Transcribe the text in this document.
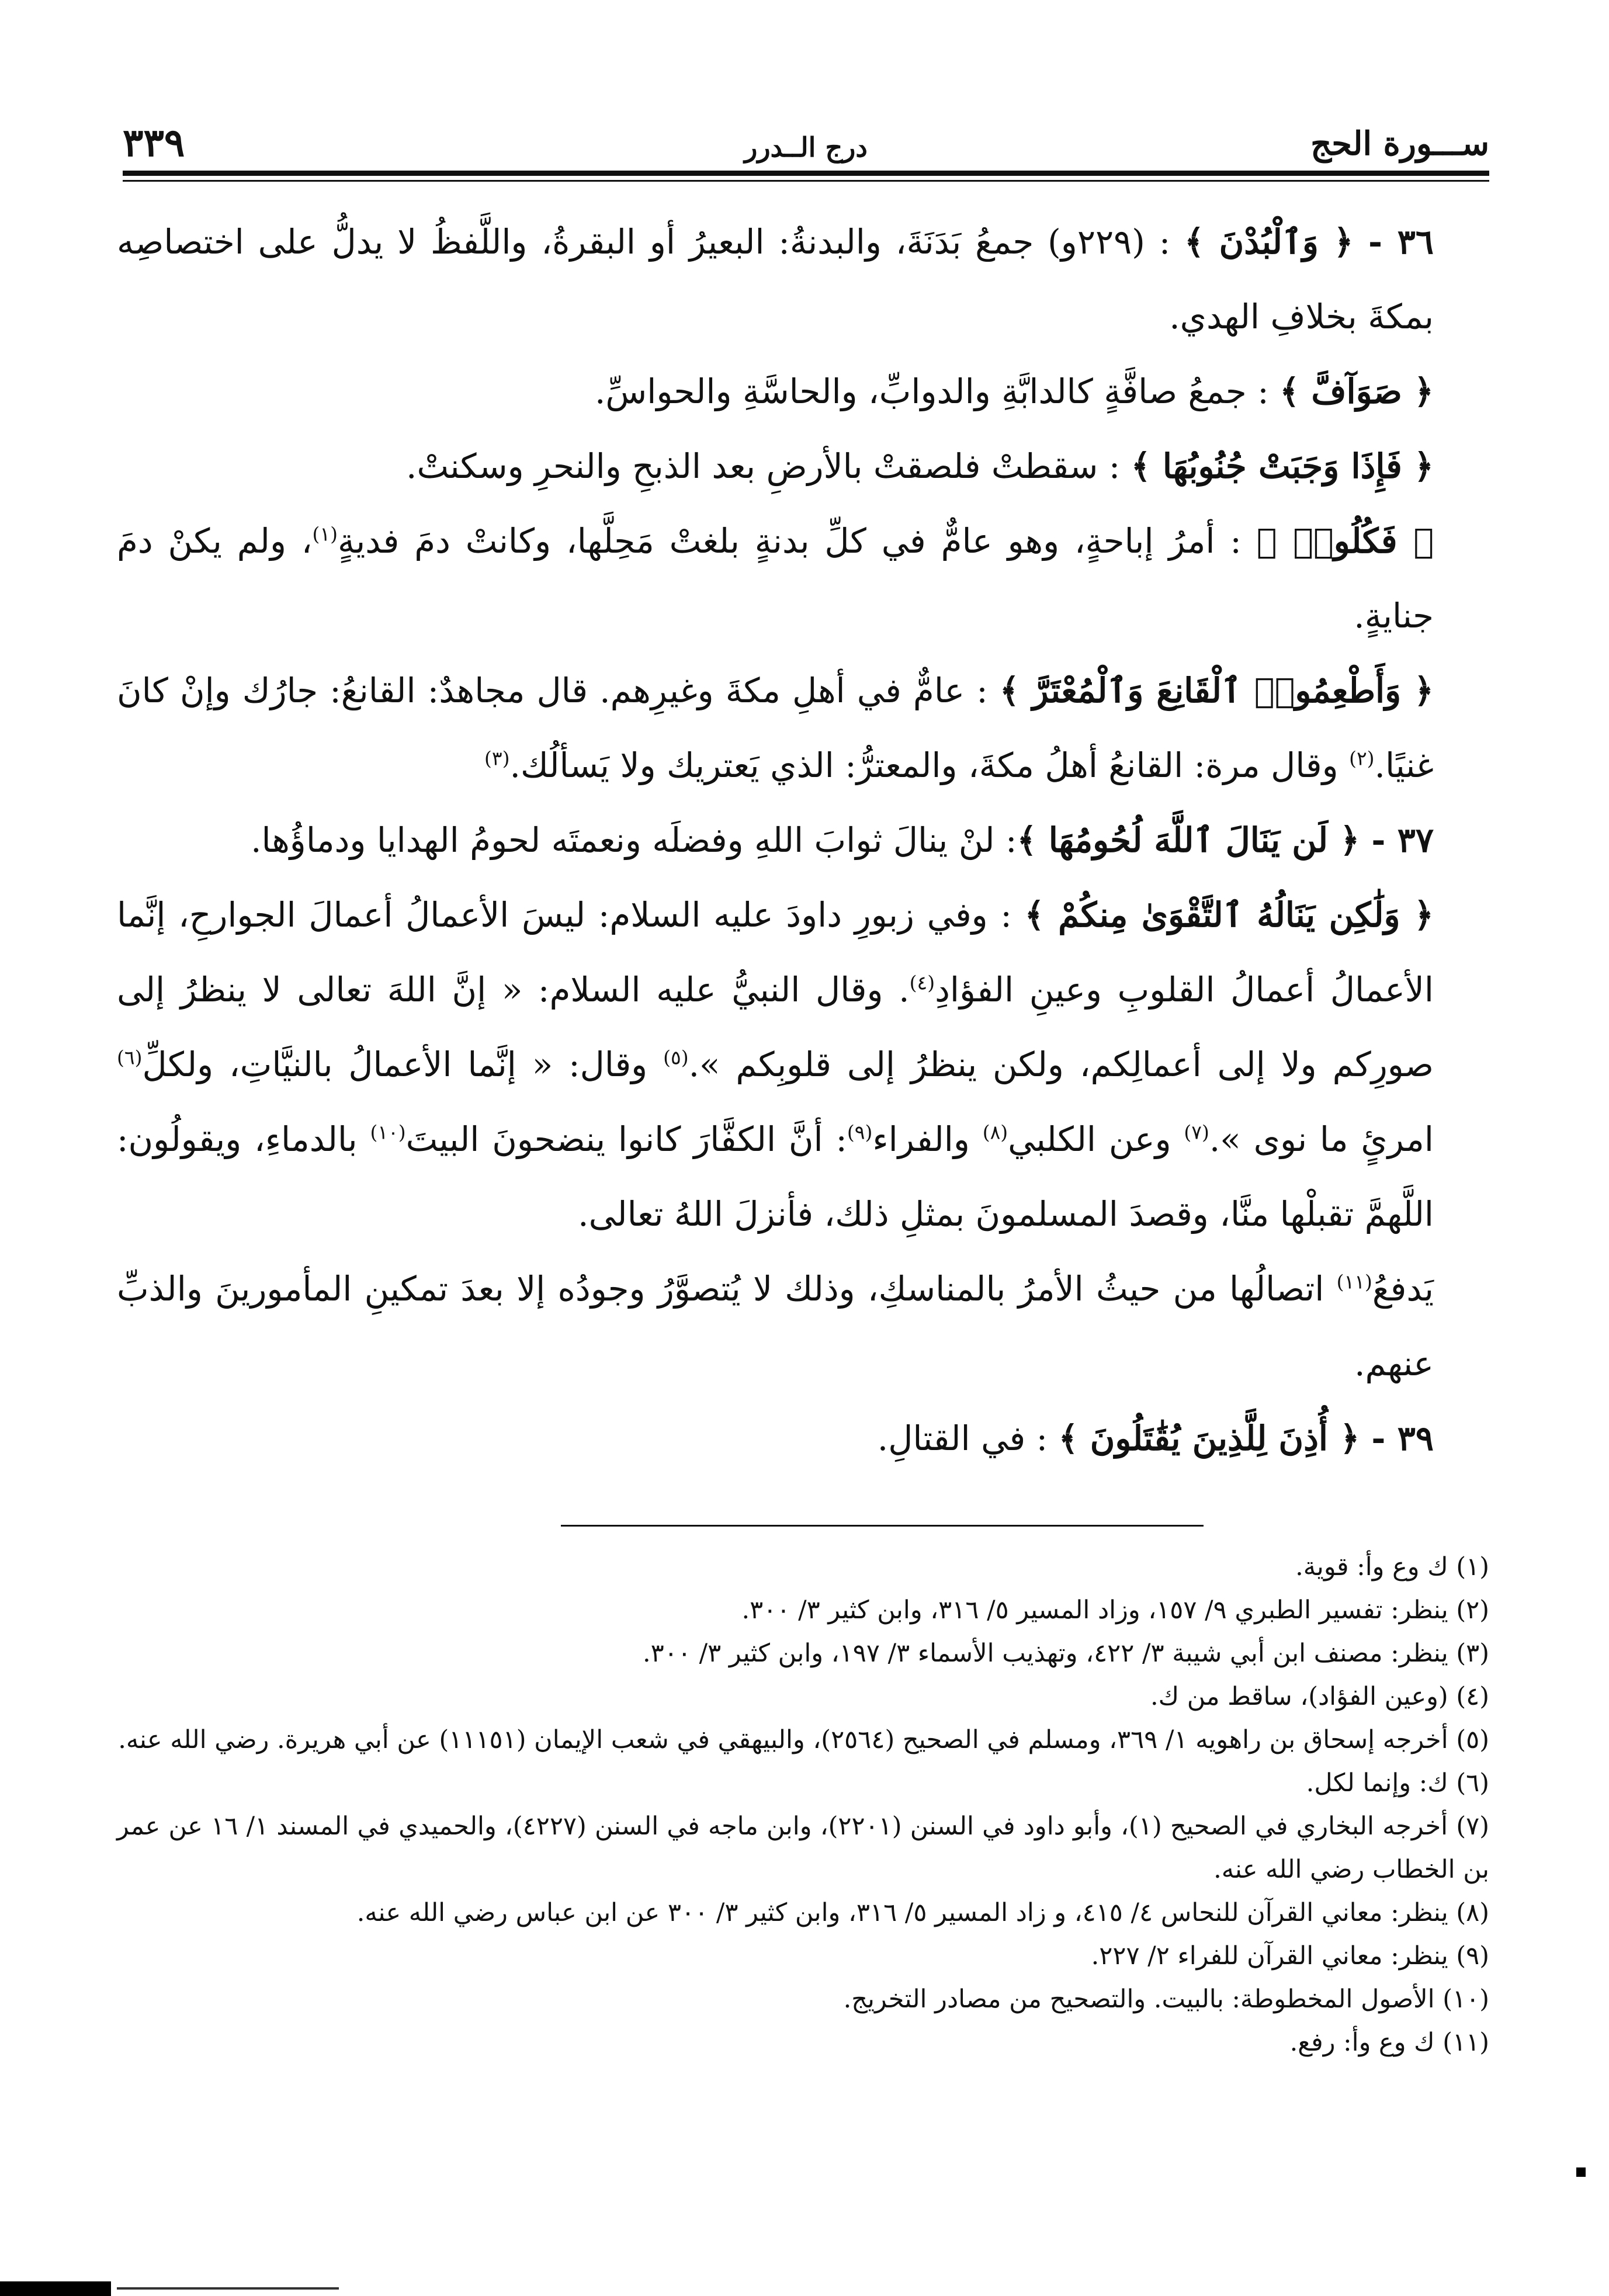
٣٣٩	درج الــدرر	ســـورة الحج

٣٦ - ﴿ وَٱلْبُدْنَ ﴾ : (٢٢٩و) جمعُ بَدَنَةَ، والبدنةُ: البعيرُ أو البقرةُ، واللَّفظُ لا يدلُّ على اختصاصِه بمكةَ بخلافِ الهدي.

﴿ صَوَآفَّ ﴾ : جمعُ صافَّةٍ كالدابَّةِ والدوابِّ، والحاسَّةِ والحواسِّ.

﴿ فَإِذَا وَجَبَتْ جُنُوبُهَا ﴾ : سقطتْ فلصقتْ بالأرضِ بعد الذبحِ والنحرِ وسكنتْ.

﴿ فَكُلُوا۟ ﴾ : أمرُ إباحةٍ، وهو عامٌّ في كلِّ بدنةٍ بلغتْ مَحِلَّها، وكانتْ دمَ فديةٍ$^{(١)}$، ولم يكنْ دمَ جنايةٍ.

﴿ وَأَطْعِمُوا۟ ٱلْقَانِعَ وَٱلْمُعْتَرَّ ﴾ : عامٌّ في أهلِ مكةَ وغيرِهم. قال مجاهدٌ: القانعُ: جارُك وإنْ كانَ غنيًا.$^{(٢)}$ وقال مرة: القانعُ أهلُ مكةَ، والمعترُّ: الذي يَعتريك ولا يَسألُك.$^{(٣)}$

٣٧ - ﴿ لَن يَنَالَ ٱللَّهَ لُحُومُهَا ﴾: لنْ ينالَ ثوابَ اللهِ وفضلَه ونعمتَه لحومُ الهدايا ودماؤُها.

﴿ وَلَٰكِن يَنَالُهُ ٱلتَّقْوَىٰ مِنكُمْ ﴾ : وفي زبورِ داودَ عليه السلام: ليسَ الأعمالُ أعمالَ الجوارحِ، إنَّما الأعمالُ أعمالُ القلوبِ وعينِ الفؤادِ$^{(٤)}$. وقال النبيُّ عليه السلام: « إنَّ اللهَ تعالى لا ينظرُ إلى صورِكم ولا إلى أعمالِكم، ولكن ينظرُ إلى قلوبِكم ».$^{(٥)}$ وقال: « إنَّما الأعمالُ بالنيَّاتِ، ولكلِّ$^{(٦)}$ امرئٍ ما نوى ».$^{(٧)}$ وعن الكلبي$^{(٨)}$ والفراء$^{(٩)}$: أنَّ الكفَّارَ كانوا ينضحونَ البيتَ$^{(١٠)}$ بالدماءِ، ويقولُون: اللَّهمَّ تقبلْها منَّا، وقصدَ المسلمونَ بمثلِ ذلك، فأنزلَ اللهُ تعالى.

يَدفعُ$^{(١١)}$ اتصالُها من حيثُ الأمرُ بالمناسكِ، وذلك لا يُتصوَّرُ وجودُه إلا بعدَ تمكينِ المأمورينَ والذبِّ عنهم.

٣٩ - ﴿ أُذِنَ لِلَّذِينَ يُقَٰتَلُونَ ﴾ : في القتالِ.

(١) ك وع وأ: قوية.

(٢) ينظر: تفسير الطبري ٩/ ١٥٧، وزاد المسير ٥/ ٣١٦، وابن كثير ٣/ ٣٠٠.

(٣) ينظر: مصنف ابن أبي شيبة ٣/ ٤٢٢، وتهذيب الأسماء ٣/ ١٩٧، وابن كثير ٣/ ٣٠٠.

(٤) (وعين الفؤاد)، ساقط من ك.

(٥) أخرجه إسحاق بن راهويه ١/ ٣٦٩، ومسلم في الصحيح (٢٥٦٤)، والبيهقي في شعب الإيمان (١١١٥١) عن أبي هريرة. رضي الله عنه.

(٦) ك: وإنما لكل.

(٧) أخرجه البخاري في الصحيح (١)، وأبو داود في السنن (٢٢٠١)، وابن ماجه في السنن (٤٢٢٧)، والحميدي في المسند ١/ ١٦ عن عمر بن الخطاب رضي الله عنه.

(٨) ينظر: معاني القرآن للنحاس ٤/ ٤١٥، و زاد المسير ٥/ ٣١٦، وابن كثير ٣/ ٣٠٠ عن ابن عباس رضي الله عنه.

(٩) ينظر: معاني القرآن للفراء ٢/ ٢٢٧.

(١٠) الأصول المخطوطة: بالبيت. والتصحيح من مصادر التخريج.

(١١) ك وع وأ: رفع.
